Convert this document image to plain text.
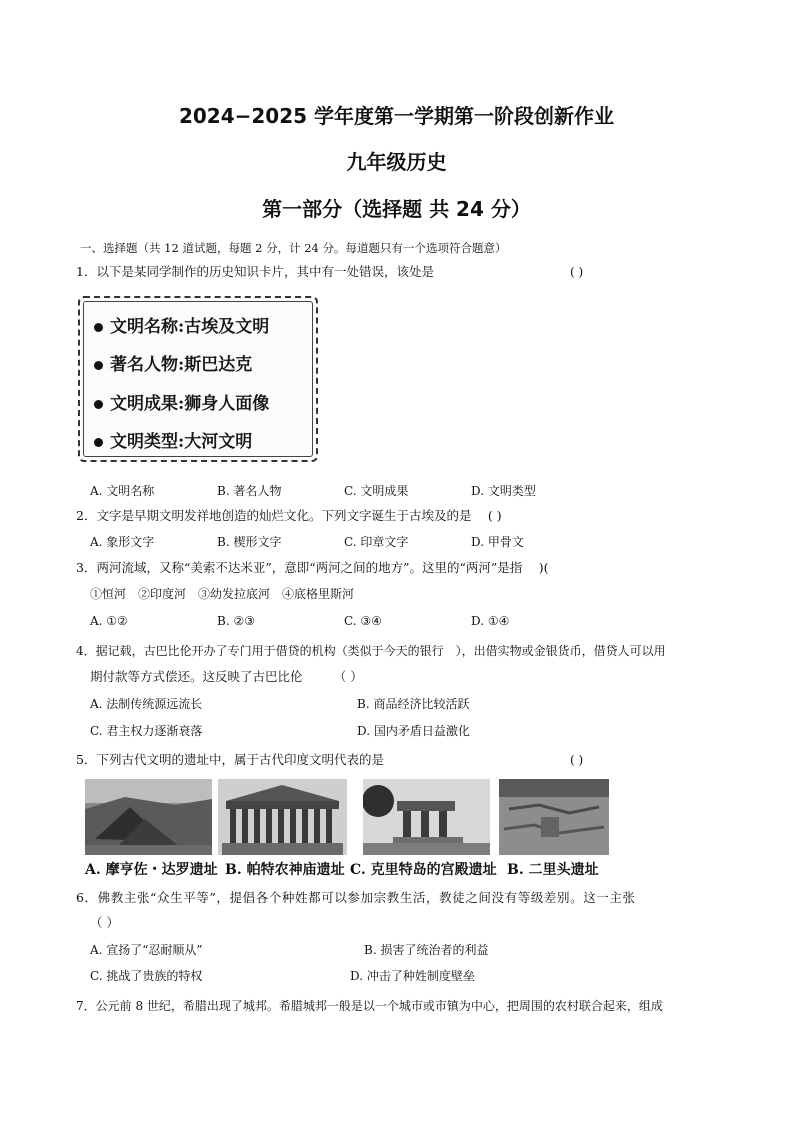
2024−2025 学年度第一学期第一阶段创新作业
九年级历史
第一部分（选择题 共 24 分）
一、选择题（共 12 道试题，每题 2 分，计 24 分。每道题只有一个选项符合题意）
1．以下是某同学制作的历史知识卡片，其中有一处错误，该处是	( )
文明名称:古埃及文明
著名人物:斯巴达克
文明成果:狮身人面像
文明类型:大河文明
A. 文明名称	B. 著名人物	C. 文明成果	D. 文明类型
2．文字是早期文明发祥地创造的灿烂文化。下列文字诞生于古埃及的是　 ( )
A. 象形文字	B. 楔形文字	C. 印章文字	D. 甲骨文
3．两河流域，又称“美索不达米亚”，意即“两河之间的地方”。这里的“两河”是指　 )(
①恒河　②印度河　③幼发拉底河　④底格里斯河
A. ①②	B. ②③	C. ③④	D. ①④
4．据记载，古巴比伦开办了专门用于借贷的机构（类似于今天的银行　），出借实物或金银货币，借贷人可以用
期付款等方式偿还。这反映了古巴比伦　　　（ ）
A. 法制传统源远流长	B. 商品经济比较活跃
C. 君主权力逐渐衰落	D. 国内矛盾日益激化
5．下列古代文明的遗址中，属于古代印度文明代表的是	( )
A. 摩亨佐・达罗遗址 B. 帕特农神庙遗址 C. 克里特岛的宫殿遗址 B. 二里头遗址
6．佛教主张“众生平等”，提倡各个种姓都可以参加宗教生活，教徒之间没有等级差别。这一主张
（ ）
A. 宣扬了“忍耐顺从”	B. 损害了统治者的利益
C. 挑战了贵族的特权	D. 冲击了种姓制度壁垒
7．公元前 8 世纪，希腊出现了城邦。希腊城邦一般是以一个城市或市镇为中心，把周围的农村联合起来，组成
